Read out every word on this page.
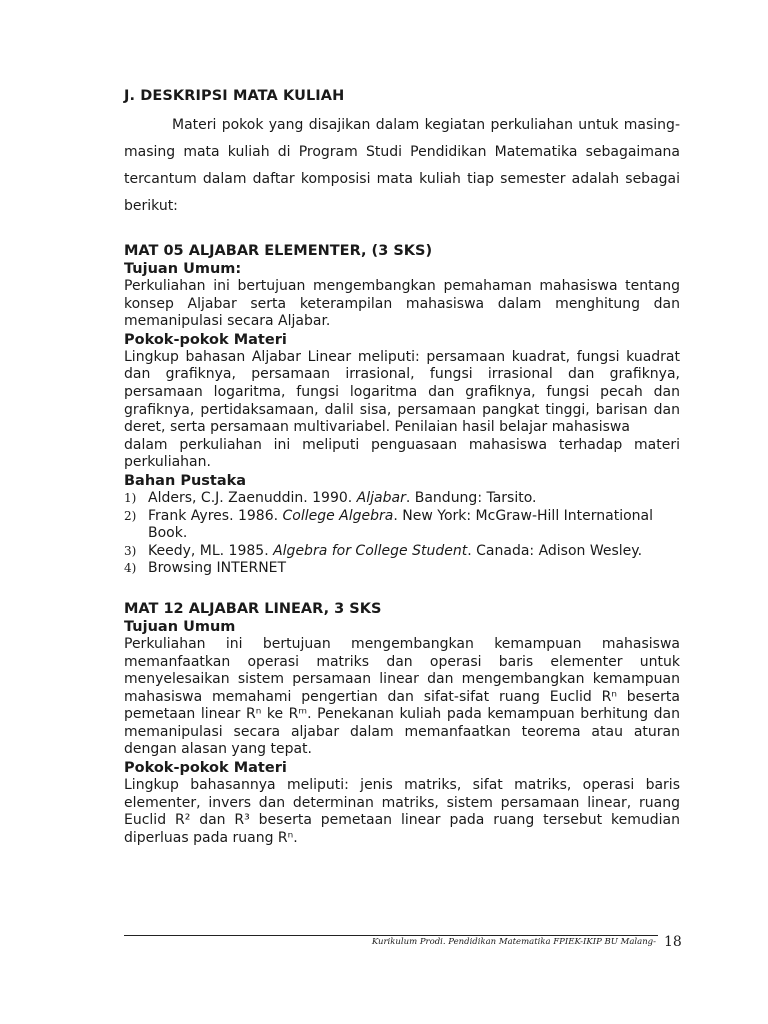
J. DESKRIPSI MATA KULIAH

Materi pokok yang disajikan dalam kegiatan perkuliahan untuk masing-masing mata kuliah di Program Studi Pendidikan Matematika sebagaimana tercantum dalam daftar komposisi mata kuliah tiap semester adalah sebagai berikut:

MAT 05 ALJABAR ELEMENTER, (3 SKS)
Tujuan Umum:

Perkuliahan ini bertujuan mengembangkan pemahaman mahasiswa tentang konsep Aljabar serta keterampilan mahasiswa dalam menghitung dan memanipulasi secara Aljabar.

Pokok-pokok Materi

Lingkup bahasan Aljabar Linear meliputi: persamaan kuadrat, fungsi kuadrat dan grafiknya, persamaan irrasional, fungsi irrasional dan grafiknya, persamaan logaritma, fungsi logaritma dan grafiknya, fungsi pecah dan grafiknya, pertidaksamaan, dalil sisa, persamaan pangkat tinggi, barisan dan deret, serta persamaan multivariabel. Penilaian hasil belajar mahasiswa

dalam perkuliahan ini meliputi penguasaan mahasiswa terhadap materi perkuliahan.

Bahan Pustaka
1) Alders, C.J. Zaenuddin. 1990. Aljabar. Bandung: Tarsito.
2) Frank Ayres. 1986. College Algebra. New York: McGraw-Hill International Book.
3) Keedy, ML. 1985. Algebra for College Student. Canada: Adison Wesley.
4) Browsing INTERNET
MAT 12 ALJABAR LINEAR, 3 SKS
Tujuan Umum

Perkuliahan ini bertujuan mengembangkan kemampuan mahasiswa memanfaatkan operasi matriks dan operasi baris elementer untuk menyelesaikan sistem persamaan linear dan mengembangkan kemampuan mahasiswa memahami pengertian dan sifat-sifat ruang Euclid Rⁿ beserta pemetaan linear Rⁿ ke Rᵐ. Penekanan kuliah pada kemampuan berhitung dan memanipulasi secara aljabar dalam memanfaatkan teorema atau aturan dengan alasan yang tepat.

Pokok-pokok Materi

Lingkup bahasannya meliputi: jenis matriks, sifat matriks, operasi baris elementer, invers dan determinan matriks, sistem persamaan linear, ruang Euclid R² dan R³ beserta pemetaan linear pada ruang tersebut kemudian diperluas pada ruang Rⁿ.

Kurikulum Prodi. Pendidikan Matematika FPIEK-IKIP BU Malang- 18
